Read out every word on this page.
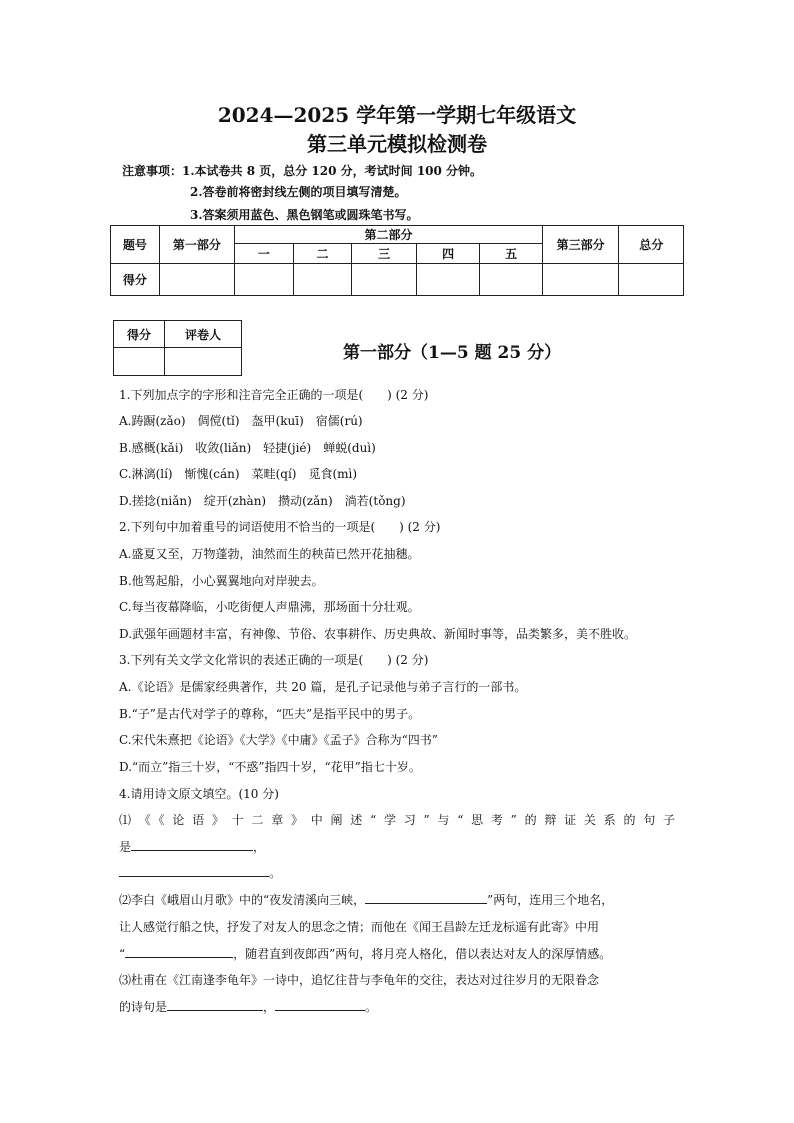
2024—2025 学年第一学期七年级语文
第三单元模拟检测卷
注意事项：1.本试卷共 8 页，总分 120 分，考试时间 100 分钟。
2.答卷前将密封线左侧的项目填写清楚。
3.答案须用蓝色、黑色钢笔或圆珠笔书写。
题号	第一部分	第二部分					第三部分	总分
		一	二	三	四	五		
得分								
得分	评卷人

第一部分（1—5 题 25 分）
1.下列加点字的字形和注音完全正确的一项是(　　) (2 分)
A.踌蹰(zǎo)　倜傥(tǐ)　盔甲(kuī)　宿儒(rú)
B.感概(kǎi)　收敛(liǎn)　轻捷(jié)　蝉蜕(duì)
C.淋漓(lí)　惭愧(cán)　菜畦(qí)　觅食(mì)
D.搓捻(niǎn)　绽开(zhàn)　攒动(zǎn)　淌若(tǒng)
2.下列句中加着重号的词语使用不恰当的一项是(　　) (2 分)
A.盛夏又至，万物蓬勃，油然而生的秧苗已然开花抽穗。
B.他驾起船，小心翼翼地向对岸驶去。
C.每当夜幕降临，小吃街便人声鼎沸，那场面十分壮观。
D.武强年画题材丰富，有神像、节俗、农事耕作、历史典故、新闻时事等，品类繁多，美不胜收。
3.下列有关文学文化常识的表述正确的一项是(　　) (2 分)
A.《论语》是儒家经典著作，共 20 篇，是孔子记录他与弟子言行的一部书。
B.“子”是古代对学子的尊称，“匹夫”是指平民中的男子。
C.宋代朱熹把《论语》《大学》《中庸》《孟子》合称为“四书”
D.“而立”指三十岁，“不惑”指四十岁，“花甲”指七十岁。
4.请用诗文原文填空。(10 分)
⑴《《论语》十二章》中阐述“学习”与“思考”的辩证关系的句子
是	，
。
⑵李白《峨眉山月歌》中的“夜发清溪向三峡，	”两句，连用三个地名，
让人感觉行船之快，抒发了对友人的思念之情；而他在《闻王昌龄左迁龙标遥有此寄》中用
“	，随君直到夜郎西”两句，将月亮人格化，借以表达对友人的深厚情感。
⑶杜甫在《江南逢李龟年》一诗中，追忆往昔与李龟年的交往，表达对过往岁月的无限眷念
的诗句是	，	。
